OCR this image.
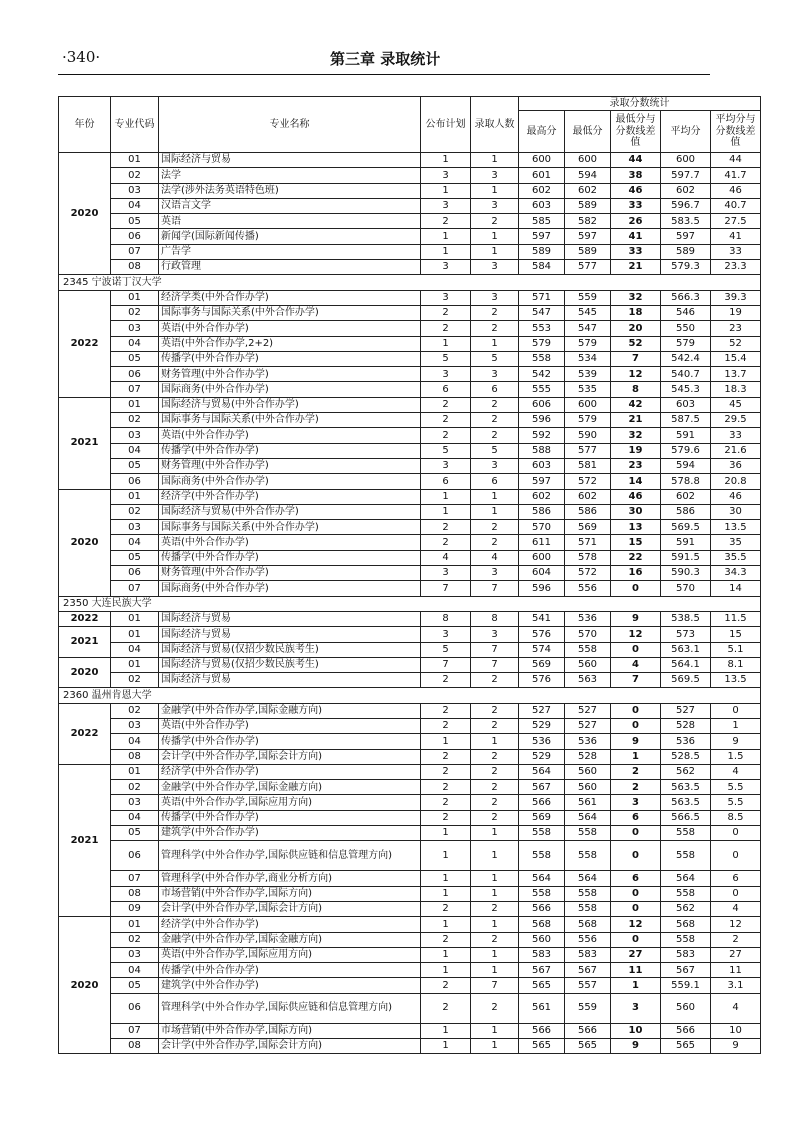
·340·	第三章 录取统计
年份	专业代码	专业名称	公布计划	录取人数	录取分数统计				
					最高分	最低分	最低分与分数线差值	平均分	平均分与分数线差值
2020	01	国际经济与贸易	1	1	600	600	44	600	44
	02	法学	3	3	601	594	38	597.7	41.7
	03	法学(涉外法务英语特色班)	1	1	602	602	46	602	46
	04	汉语言文学	3	3	603	589	33	596.7	40.7
	05	英语	2	2	585	582	26	583.5	27.5
	06	新闻学(国际新闻传播)	1	1	597	597	41	597	41
	07	广告学	1	1	589	589	33	589	33
	08	行政管理	3	3	584	577	21	579.3	23.3
2345 宁波诺丁汉大学									
2022	01	经济学类(中外合作办学)	3	3	571	559	32	566.3	39.3
	02	国际事务与国际关系(中外合作办学)	2	2	547	545	18	546	19
	03	英语(中外合作办学)	2	2	553	547	20	550	23
	04	英语(中外合作办学,2+2)	1	1	579	579	52	579	52
	05	传播学(中外合作办学)	5	5	558	534	7	542.4	15.4
	06	财务管理(中外合作办学)	3	3	542	539	12	540.7	13.7
	07	国际商务(中外合作办学)	6	6	555	535	8	545.3	18.3
2021	01	国际经济与贸易(中外合作办学)	2	2	606	600	42	603	45
	02	国际事务与国际关系(中外合作办学)	2	2	596	579	21	587.5	29.5
	03	英语(中外合作办学)	2	2	592	590	32	591	33
	04	传播学(中外合作办学)	5	5	588	577	19	579.6	21.6
	05	财务管理(中外合作办学)	3	3	603	581	23	594	36
	06	国际商务(中外合作办学)	6	6	597	572	14	578.8	20.8
2020	01	经济学(中外合作办学)	1	1	602	602	46	602	46
	02	国际经济与贸易(中外合作办学)	1	1	586	586	30	586	30
	03	国际事务与国际关系(中外合作办学)	2	2	570	569	13	569.5	13.5
	04	英语(中外合作办学)	2	2	611	571	15	591	35
	05	传播学(中外合作办学)	4	4	600	578	22	591.5	35.5
	06	财务管理(中外合作办学)	3	3	604	572	16	590.3	34.3
	07	国际商务(中外合作办学)	7	7	596	556	0	570	14
2350 大连民族大学									
2022	01	国际经济与贸易	8	8	541	536	9	538.5	11.5
2021	01	国际经济与贸易	3	3	576	570	12	573	15
	04	国际经济与贸易(仅招少数民族考生)	5	7	574	558	0	563.1	5.1
2020	01	国际经济与贸易(仅招少数民族考生)	7	7	569	560	4	564.1	8.1
	02	国际经济与贸易	2	2	576	563	7	569.5	13.5
2360 温州肯恩大学									
2022	02	金融学(中外合作办学,国际金融方向)	2	2	527	527	0	527	0
	03	英语(中外合作办学)	2	2	529	527	0	528	1
	04	传播学(中外合作办学)	1	1	536	536	9	536	9
	08	会计学(中外合作办学,国际会计方向)	2	2	529	528	1	528.5	1.5
2021	01	经济学(中外合作办学)	2	2	564	560	2	562	4
	02	金融学(中外合作办学,国际金融方向)	2	2	567	560	2	563.5	5.5
	03	英语(中外合作办学,国际应用方向)	2	2	566	561	3	563.5	5.5
	04	传播学(中外合作办学)	2	2	569	564	6	566.5	8.5
	05	建筑学(中外合作办学)	1	1	558	558	0	558	0
	06	管理科学(中外合作办学,国际供应链和信息管理方向)	1	1	558	558	0	558	0
	07	管理科学(中外合作办学,商业分析方向)	1	1	564	564	6	564	6
	08	市场营销(中外合作办学,国际方向)	1	1	558	558	0	558	0
	09	会计学(中外合作办学,国际会计方向)	2	2	566	558	0	562	4
2020	01	经济学(中外合作办学)	1	1	568	568	12	568	12
	02	金融学(中外合作办学,国际金融方向)	2	2	560	556	0	558	2
	03	英语(中外合作办学,国际应用方向)	1	1	583	583	27	583	27
	04	传播学(中外合作办学)	1	1	567	567	11	567	11
	05	建筑学(中外合作办学)	2	7	565	557	1	559.1	3.1
	06	管理科学(中外合作办学,国际供应链和信息管理方向)	2	2	561	559	3	560	4
	07	市场营销(中外合作办学,国际方向)	1	1	566	566	10	566	10
	08	会计学(中外合作办学,国际会计方向)	1	1	565	565	9	565	9
